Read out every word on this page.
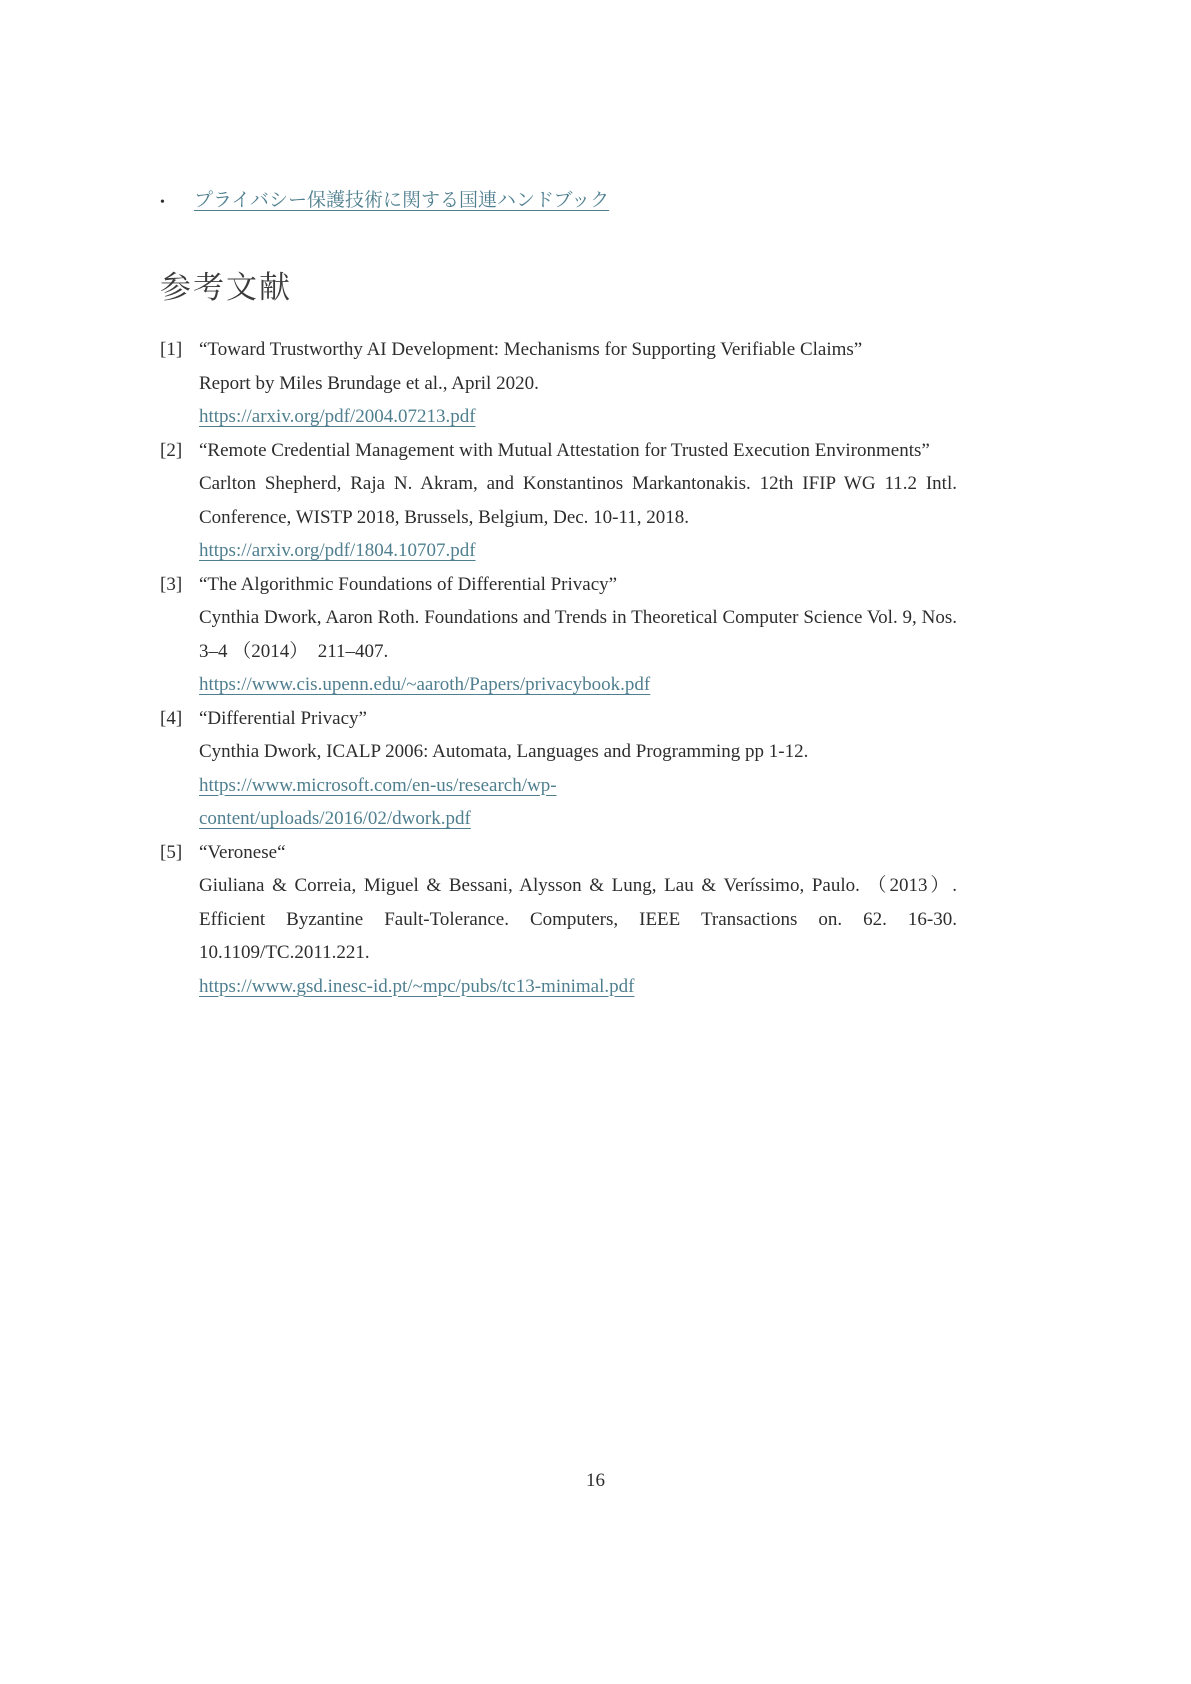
•	プライバシー保護技術に関する国連ハンドブック
参考文献
[1] “Toward Trustworthy AI Development: Mechanisms for Supporting Verifiable Claims”

Report by Miles Brundage et al., April 2020.

https://arxiv.org/pdf/2004.07213.pdf

[2] “Remote Credential Management with Mutual Attestation for Trusted Execution Environments”

Carlton Shepherd, Raja N. Akram, and Konstantinos Markantonakis. 12th IFIP WG 11.2 Intl. Conference, WISTP 2018, Brussels, Belgium, Dec. 10-11, 2018.

https://arxiv.org/pdf/1804.10707.pdf

[3] “The Algorithmic Foundations of Differential Privacy”

Cynthia Dwork, Aaron Roth. Foundations and Trends in Theoretical Computer Science Vol. 9, Nos. 3–4 （2014）　211–407.

https://www.cis.upenn.edu/~aaroth/Papers/privacybook.pdf

[4] “Differential Privacy”

Cynthia Dwork, ICALP 2006: Automata, Languages and Programming pp 1-12.

https://www.microsoft.com/en-us/research/wp-

content/uploads/2016/02/dwork.pdf

[5] “Veronese“

Giuliana & Correia, Miguel & Bessani, Alysson & Lung, Lau & Veríssimo, Paulo. （2013）. Efficient Byzantine Fault-Tolerance. Computers, IEEE Transactions on. 62. 16-30. 10.1109/TC.2011.221.

https://www.gsd.inesc-id.pt/~mpc/pubs/tc13-minimal.pdf

16
